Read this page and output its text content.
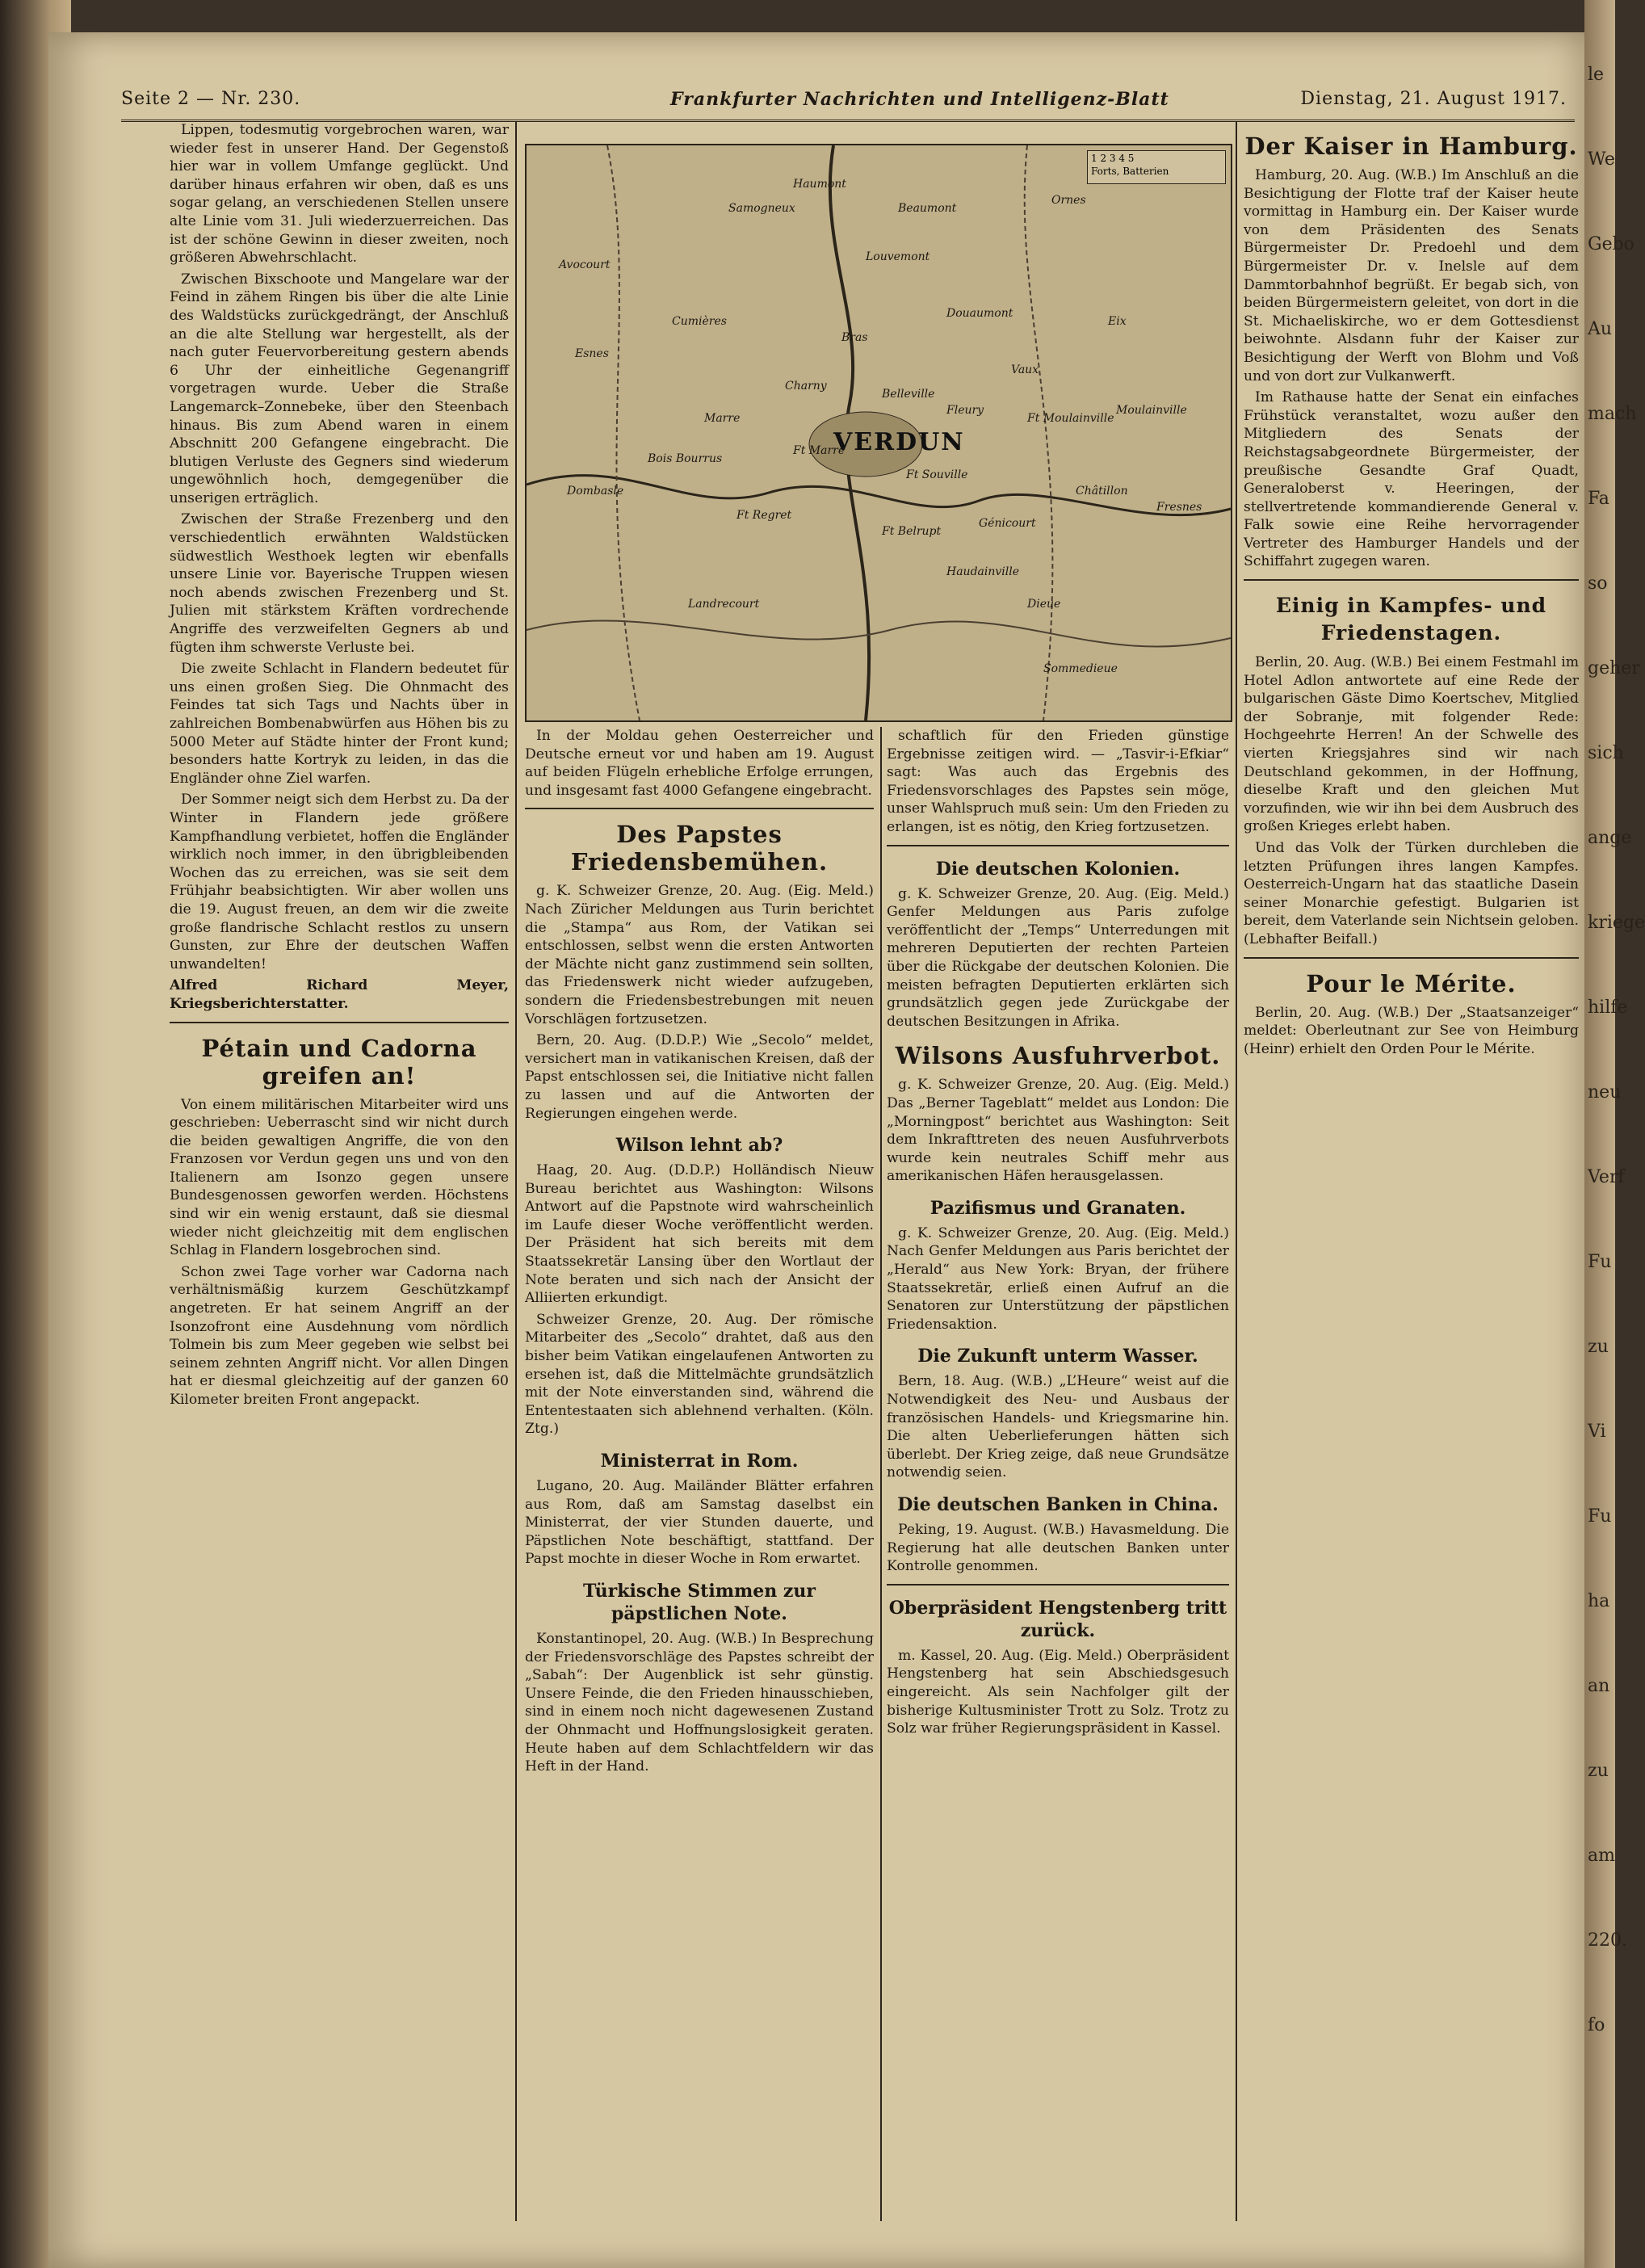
le
We
Gebo
Au
mach
Fa
so
geher
sich
ange
kriege
hilfe
neu
Verf
Fu
zu
Vi
Fu
ha
an
zu
am
220.
fo
Seite 2 — Nr. 230.	Frankfurter Nachrichten und Intelligenz-Blatt	Dienstag, 21. August 1917.

Lippen, todesmutig vorgebrochen waren, war wieder fest in unserer Hand. Der Gegenstoß hier war in vollem Umfange geglückt. Und darüber hinaus erfahren wir oben, daß es uns sogar gelang, an verschiedenen Stellen unsere alte Linie vom 31. Juli wiederzuerreichen. Das ist der schöne Gewinn in dieser zweiten, noch größeren Abwehrschlacht.

Zwischen Bixschoote und Mangelare war der Feind in zähem Ringen bis über die alte Linie des Waldstücks zurückgedrängt, der Anschluß an die alte Stellung war hergestellt, als der nach guter Feuervorbereitung gestern abends 6 Uhr der einheitliche Gegenangriff vorgetragen wurde. Ueber die Straße Langemarck–Zonnebeke, über den Steenbach hinaus. Bis zum Abend waren in einem Abschnitt 200 Gefangene eingebracht. Die blutigen Verluste des Gegners sind wiederum ungewöhnlich hoch, demgegenüber die unserigen erträglich.

Zwischen der Straße Frezenberg und den verschiedentlich erwähnten Waldstücken südwestlich Westhoek legten wir ebenfalls unsere Linie vor. Bayerische Truppen wiesen noch abends zwischen Frezenberg und St. Julien mit stärkstem Kräften vordrechende Angriffe des verzweifelten Gegners ab und fügten ihm schwerste Verluste bei.

Die zweite Schlacht in Flandern bedeutet für uns einen großen Sieg. Die Ohnmacht des Feindes tat sich Tags und Nachts über in zahlreichen Bombenabwürfen aus Höhen bis zu 5000 Meter auf Städte hinter der Front kund; besonders hatte Kortryk zu leiden, in das die Engländer ohne Ziel warfen.

Der Sommer neigt sich dem Herbst zu. Da der Winter in Flandern jede größere Kampfhandlung verbietet, hoffen die Engländer wirklich noch immer, in den übrigbleibenden Wochen das zu erreichen, was sie seit dem Frühjahr beabsichtigten. Wir aber wollen uns die 19. August freuen, an dem wir die zweite große flandrische Schlacht restlos zu unsern Gunsten, zur Ehre der deutschen Waffen unwandelten!

Alfred Richard Meyer, Kriegsberichterstatter.

Pétain und Cadorna greifen an!

Von einem militärischen Mitarbeiter wird uns geschrieben: Ueberrascht sind wir nicht durch die beiden gewaltigen Angriffe, die von den Franzosen vor Verdun gegen uns und von den Italienern am Isonzo gegen unsere Bundesgenossen geworfen werden. Höchstens sind wir ein wenig erstaunt, daß sie diesmal wieder nicht gleichzeitig mit dem englischen Schlag in Flandern losgebrochen sind.

Schon zwei Tage vorher war Cadorna nach verhältnismäßig kurzem Geschützkampf angetreten. Er hat seinem Angriff an der Isonzofront eine Ausdehnung vom nördlich Tolmein bis zum Meer gegeben wie selbst bei seinem zehnten Angriff nicht. Vor allen Dingen hat er diesmal gleichzeitig auf der ganzen 60 Kilometer breiten Front angepackt.

VERDUN
Samogneux
Haumont
Beaumont
Ornes
Louvemont
Bras
Vaux
Douaumont
Fleury
Charny
Marre
Cumières
Esnes
Avocourt
Dombasle
Belleville
Haudainville
Dieue
Eix
Moulainville
Châtillon
Fresnes
Sommedieue
Landrecourt
Génicourt
Ft Moulainville
Ft Souville
Ft Belrupt
Ft Regret
Ft Marre
Bois Bourrus
1 2 3 4 5
Forts, Batterien

In der Moldau gehen Oesterreicher und Deutsche erneut vor und haben am 19. August auf beiden Flügeln erhebliche Erfolge errungen, und insgesamt fast 4000 Gefangene eingebracht.

Des Papstes Friedensbemühen.

g. K. Schweizer Grenze, 20. Aug. (Eig. Meld.) Nach Züricher Meldungen aus Turin berichtet die „Stampa“ aus Rom, der Vatikan sei entschlossen, selbst wenn die ersten Antworten der Mächte nicht ganz zustimmend sein sollten, das Friedenswerk nicht wieder aufzugeben, sondern die Friedensbestrebungen mit neuen Vorschlägen fortzusetzen.

Bern, 20. Aug. (D.D.P.) Wie „Secolo“ meldet, versichert man in vatikanischen Kreisen, daß der Papst entschlossen sei, die Initiative nicht fallen zu lassen und auf die Antworten der Regierungen eingehen werde.

Wilson lehnt ab?

Haag, 20. Aug. (D.D.P.) Holländisch Nieuw Bureau berichtet aus Washington: Wilsons Antwort auf die Papstnote wird wahrscheinlich im Laufe dieser Woche veröffentlicht werden. Der Präsident hat sich bereits mit dem Staatssekretär Lansing über den Wortlaut der Note beraten und sich nach der Ansicht der Alliierten erkundigt.

Schweizer Grenze, 20. Aug. Der römische Mitarbeiter des „Secolo“ drahtet, daß aus den bisher beim Vatikan eingelaufenen Antworten zu ersehen ist, daß die Mittelmächte grundsätzlich mit der Note einverstanden sind, während die Ententestaaten sich ablehnend verhalten. (Köln. Ztg.)

Ministerrat in Rom.

Lugano, 20. Aug. Mailänder Blätter erfahren aus Rom, daß am Samstag daselbst ein Ministerrat, der vier Stunden dauerte, und Päpstlichen Note beschäftigt, stattfand. Der Papst mochte in dieser Woche in Rom erwartet.

Türkische Stimmen zur päpstlichen Note.

Konstantinopel, 20. Aug. (W.B.) In Besprechung der Friedensvorschläge des Papstes schreibt der „Sabah“: Der Augenblick ist sehr günstig. Unsere Feinde, die den Frieden hinausschieben, sind in einem noch nicht dagewesenen Zustand der Ohnmacht und Hoffnungslosigkeit geraten. Heute haben auf dem Schlachtfeldern wir das Heft in der Hand.

schaftlich für den Frieden günstige Ergebnisse zeitigen wird. — „Tasvir-i-Efkiar“ sagt: Was auch das Ergebnis des Friedensvorschlages des Papstes sein möge, unser Wahlspruch muß sein: Um den Frieden zu erlangen, ist es nötig, den Krieg fortzusetzen.

Die deutschen Kolonien.

g. K. Schweizer Grenze, 20. Aug. (Eig. Meld.) Genfer Meldungen aus Paris zufolge veröffentlicht der „Temps“ Unterredungen mit mehreren Deputierten der rechten Parteien über die Rückgabe der deutschen Kolonien. Die meisten befragten Deputierten erklärten sich grundsätzlich gegen jede Zurückgabe der deutschen Besitzungen in Afrika.

Wilsons Ausfuhrverbot.

g. K. Schweizer Grenze, 20. Aug. (Eig. Meld.) Das „Berner Tageblatt“ meldet aus London: Die „Morningpost“ berichtet aus Washington: Seit dem Inkrafttreten des neuen Ausfuhrverbots wurde kein neutrales Schiff mehr aus amerikanischen Häfen herausgelassen.

Pazifismus und Granaten.

g. K. Schweizer Grenze, 20. Aug. (Eig. Meld.) Nach Genfer Meldungen aus Paris berichtet der „Herald“ aus New York: Bryan, der frühere Staatssekretär, erließ einen Aufruf an die Senatoren zur Unterstützung der päpstlichen Friedensaktion.

Die Zukunft unterm Wasser.

Bern, 18. Aug. (W.B.) „L’Heure“ weist auf die Notwendigkeit des Neu- und Ausbaus der französischen Handels- und Kriegsmarine hin. Die alten Ueberlieferungen hätten sich überlebt. Der Krieg zeige, daß neue Grundsätze notwendig seien.

Die deutschen Banken in China.

Peking, 19. August. (W.B.) Havasmeldung. Die Regierung hat alle deutschen Banken unter Kontrolle genommen.

Oberpräsident Hengstenberg tritt zurück.

m. Kassel, 20. Aug. (Eig. Meld.) Oberpräsident Hengstenberg hat sein Abschiedsgesuch eingereicht. Als sein Nachfolger gilt der bisherige Kultusminister Trott zu Solz. Trotz zu Solz war früher Regierungspräsident in Kassel.

Der Kaiser in Hamburg.

Hamburg, 20. Aug. (W.B.) Im Anschluß an die Besichtigung der Flotte traf der Kaiser heute vormittag in Hamburg ein. Der Kaiser wurde von dem Präsidenten des Senats Bürgermeister Dr. Predoehl und dem Bürgermeister Dr. v. Inelsle auf dem Dammtorbahnhof begrüßt. Er begab sich, von beiden Bürgermeistern geleitet, von dort in die St. Michaeliskirche, wo er dem Gottesdienst beiwohnte. Alsdann fuhr der Kaiser zur Besichtigung der Werft von Blohm und Voß und von dort zur Vulkanwerft.

Im Rathause hatte der Senat ein einfaches Frühstück veranstaltet, wozu außer den Mitgliedern des Senats der Reichstagsabgeordnete Bürgermeister, der preußische Gesandte Graf Quadt, Generaloberst v. Heeringen, der stellvertretende kommandierende General v. Falk sowie eine Reihe hervorragender Vertreter des Hamburger Handels und der Schiffahrt zugegen waren.

Einig in Kampfes- und Friedenstagen.

Berlin, 20. Aug. (W.B.) Bei einem Festmahl im Hotel Adlon antwortete auf eine Rede der bulgarischen Gäste Dimo Koertschev, Mitglied der Sobranje, mit folgender Rede: Hochgeehrte Herren! An der Schwelle des vierten Kriegsjahres sind wir nach Deutschland gekommen, in der Hoffnung, dieselbe Kraft und den gleichen Mut vorzufinden, wie wir ihn bei dem Ausbruch des großen Krieges erlebt haben.

Und das Volk der Türken durchleben die letzten Prüfungen ihres langen Kampfes. Oesterreich-Ungarn hat das staatliche Dasein seiner Monarchie gefestigt. Bulgarien ist bereit, dem Vaterlande sein Nichtsein geloben. (Lebhafter Beifall.)

Pour le Mérite.

Berlin, 20. Aug. (W.B.) Der „Staatsanzeiger“ meldet: Oberleutnant zur See von Heimburg (Heinr) erhielt den Orden Pour le Mérite.
